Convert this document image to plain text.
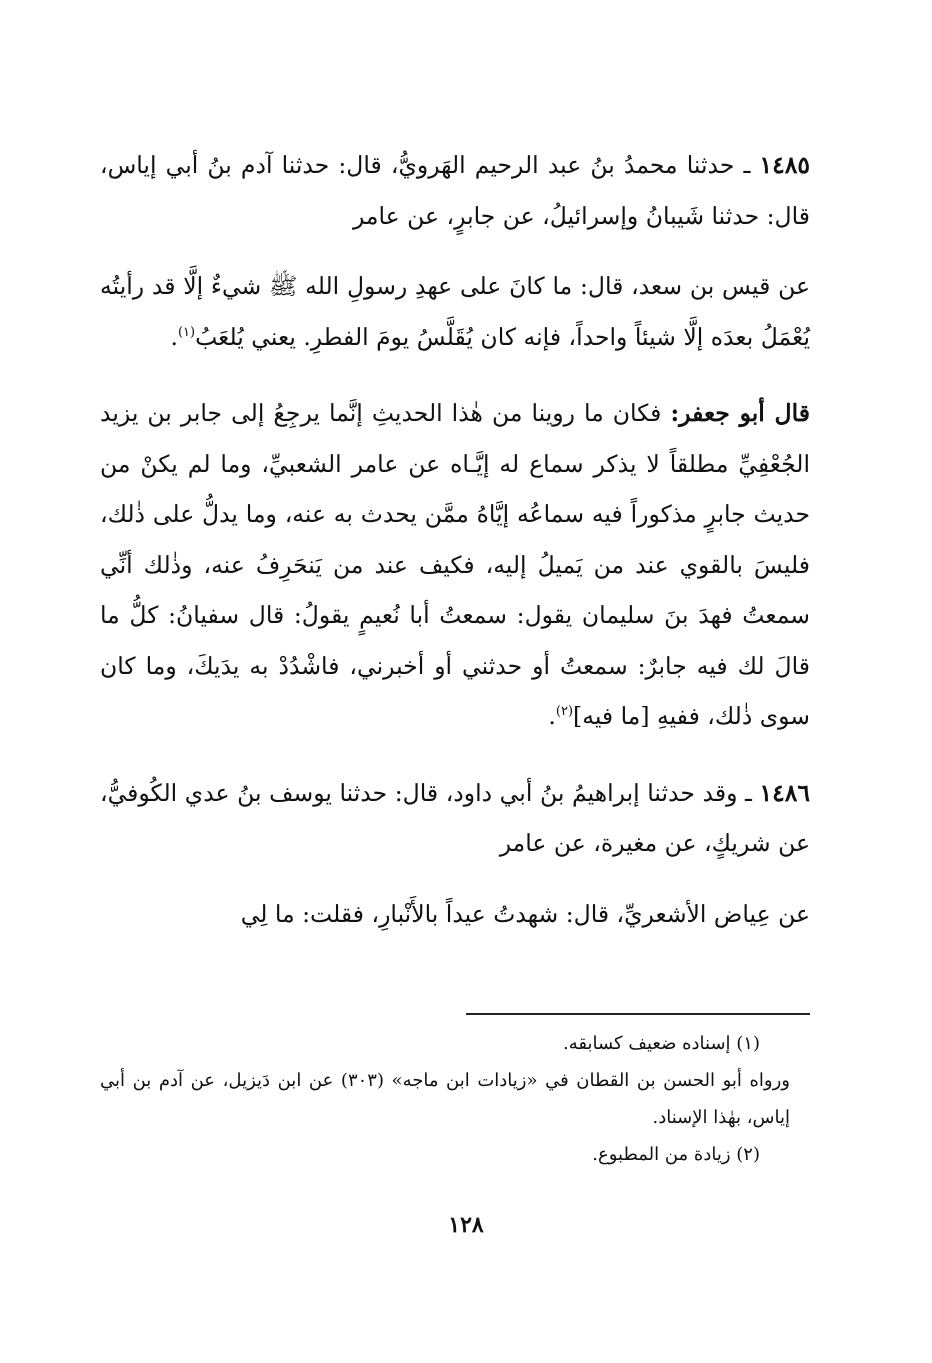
١٤٨٥ ـ حدثنا محمدُ بنُ عبد الرحيم الهَرويُّ، قال: حدثنا آدم بنُ أبي إياس، قال: حدثنا شَيبانُ وإسرائيلُ، عن جابرٍ، عن عامر

عن قيس بن سعد، قال: ما كانَ على عهدِ رسولِ الله ﷺ شيءٌ إلَّا قد رأيتُه يُعْمَلُ بعدَه إلَّا شيئاً واحداً، فإنه كان يُقَلَّسُ يومَ الفطرِ. يعني يُلعَبُ$^{(١)}$.

قال أبو جعفر: فكان ما روينا من هٰذا الحديثِ إنَّما يرجِعُ إلى جابر بن يزيد الجُعْفِيِّ مطلقاً لا يذكر سماع له إيَّـاه عن عامر الشعبيِّ، وما لم يكنْ من حديث جابرٍ مذكوراً فيه سماعُه إيَّاهُ ممَّن يحدث به عنه، وما يدلُّ على ذٰلك، فليسَ بالقوي عند من يَميلُ إليه، فكيف عند من يَنحَرِفُ عنه، وذٰلك أنِّي سمعتُ فهدَ بنَ سليمان يقول: سمعتُ أبا نُعيمٍ يقولُ: قال سفيانُ: كلُّ ما قالَ لك فيه جابرٌ: سمعتُ أو حدثني أو أخبرني، فاشْدُدْ به يدَيكَ، وما كان سوى ذٰلك، ففيهِ [ما فيه]$^{(٢)}$.

١٤٨٦ ـ وقد حدثنا إبراهيمُ بنُ أبي داود، قال: حدثنا يوسف بنُ عدي الكُوفيُّ، عن شريكٍ، عن مغيرة، عن عامر

عن عِياض الأشعريِّ، قال: شهدتُ عيداً بالأَنْبارِ، فقلت: ما لِي

(١) إسناده ضعيف كسابقه.

ورواه أبو الحسن بن القطان في «زيادات ابن ماجه» (٣٠٣) عن ابن دَيزيل، عن آدم بن أبي إياس، بهٰذا الإسناد.

(٢) زيادة من المطبوع.

١٢٨
